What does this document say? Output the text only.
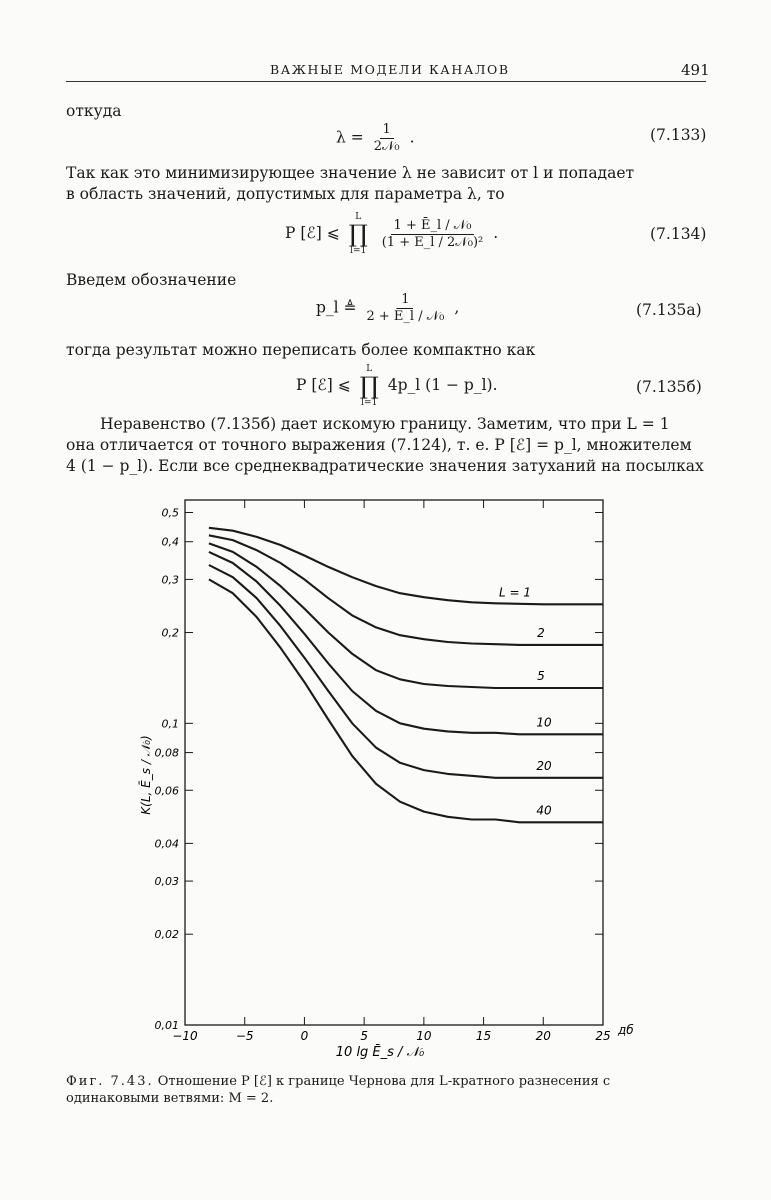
ВАЖНЫЕ МОДЕЛИ КАНАЛОВ	491
откуда
$\lambda = \frac{1}{\text{2𝒩₀}}$ .	(7.133)
Так как это минимизирующее значение λ не зависит от l и попадает
в область значений, допустимых для параметра λ, то
P [ℰ] ⩽
L
∏
l=1

$\frac{\text{1 + Ē\_l / 𝒩₀}}{\text{(1 + Ē\_l / 2𝒩₀)²}}$ .	(7.134)
Введем обозначение
p_l ≜ $\frac{1}{\text{2 + Ē\_l / 𝒩₀}}$ ,	(7.135а)
тогда результат можно переписать более компактно как
P [ℰ] ⩽
L
∏
l=1
4p_l (1 − p_l).	(7.135б)
Неравенство (7.135б) дает искомую границу. Заметим, что при L = 1
она отличается от точного выражения (7.124), т. е. P [ℰ] = p_l, множителем
4 (1 − p_l). Если все среднеквадратические значения затуханий на посылках
0,01
0,02
0,03
0,04
0,06
0,08
0,1
0,2
0,3
0,4
0,5
−10	−5	0	5	10	15	20	25
L = 1
2
5
10
20
40
K(L, Ē_s / 𝒩₀)
10 lg Ē_s / 𝒩₀
дб
Фиг. 7.43. Отношение P [ℰ] к границе Чернова для L-кратного разнесения с одинаковыми ветвями: M = 2.
